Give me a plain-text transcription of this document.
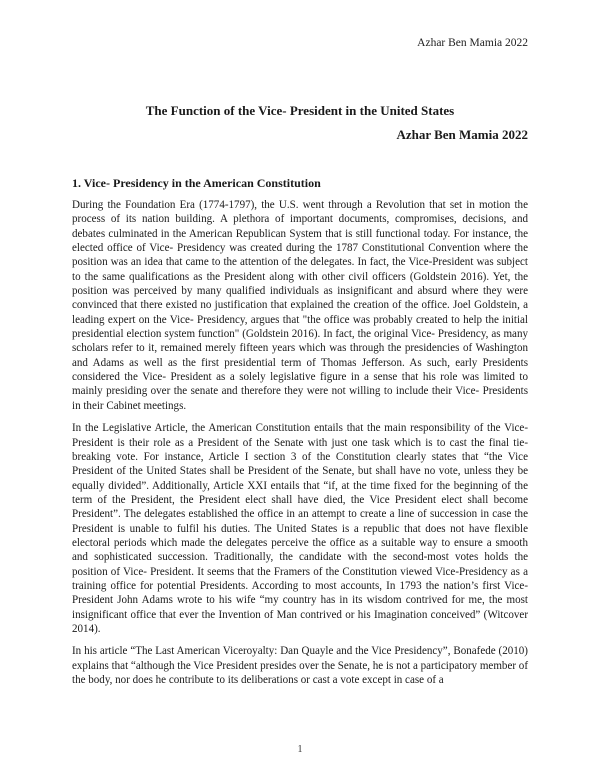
Azhar Ben Mamia 2022
The Function of the Vice- President in the United States
Azhar Ben Mamia 2022
1. Vice- Presidency in the American Constitution

During the Foundation Era (1774-1797), the U.S. went through a Revolution that set in motion the process of its nation building. A plethora of important documents, compromises, decisions, and debates culminated in the American Republican System that is still functional today. For instance, the elected office of Vice- Presidency was created during the 1787 Constitutional Convention where the position was an idea that came to the attention of the delegates. In fact, the Vice-President was subject to the same qualifications as the President along with other civil officers (Goldstein 2016). Yet, the position was perceived by many qualified individuals as insignificant and absurd where they were convinced that there existed no justification that explained the creation of the office. Joel Goldstein, a leading expert on the Vice- Presidency, argues that "the office was probably created to help the initial presidential election system function" (Goldstein 2016). In fact, the original Vice- Presidency, as many scholars refer to it, remained merely fifteen years which was through the presidencies of Washington and Adams as well as the first presidential term of Thomas Jefferson. As such, early Presidents considered the Vice- President as a solely legislative figure in a sense that his role was limited to mainly presiding over the senate and therefore they were not willing to include their Vice- Presidents in their Cabinet meetings.

In the Legislative Article, the American Constitution entails that the main responsibility of the Vice- President is their role as a President of the Senate with just one task which is to cast the final tie-breaking vote. For instance, Article I section 3 of the Constitution clearly states that “the Vice President of the United States shall be President of the Senate, but shall have no vote, unless they be equally divided”. Additionally, Article XXI entails that “if, at the time fixed for the beginning of the term of the President, the President elect shall have died, the Vice President elect shall become President”. The delegates established the office in an attempt to create a line of succession in case the President is unable to fulfil his duties. The United States is a republic that does not have flexible electoral periods which made the delegates perceive the office as a suitable way to ensure a smooth and sophisticated succession. Traditionally, the candidate with the second-most votes holds the position of Vice- President. It seems that the Framers of the Constitution viewed Vice-Presidency as a training office for potential Presidents. According to most accounts, In 1793 the nation’s first Vice- President John Adams wrote to his wife “my country has in its wisdom contrived for me, the most insignificant office that ever the Invention of Man contrived or his Imagination conceived” (Witcover 2014).

In his article “The Last American Viceroyalty: Dan Quayle and the Vice Presidency”, Bonafede (2010) explains that “although the Vice President presides over the Senate, he is not a participatory member of the body, nor does he contribute to its deliberations or cast a vote except in case of a

1
